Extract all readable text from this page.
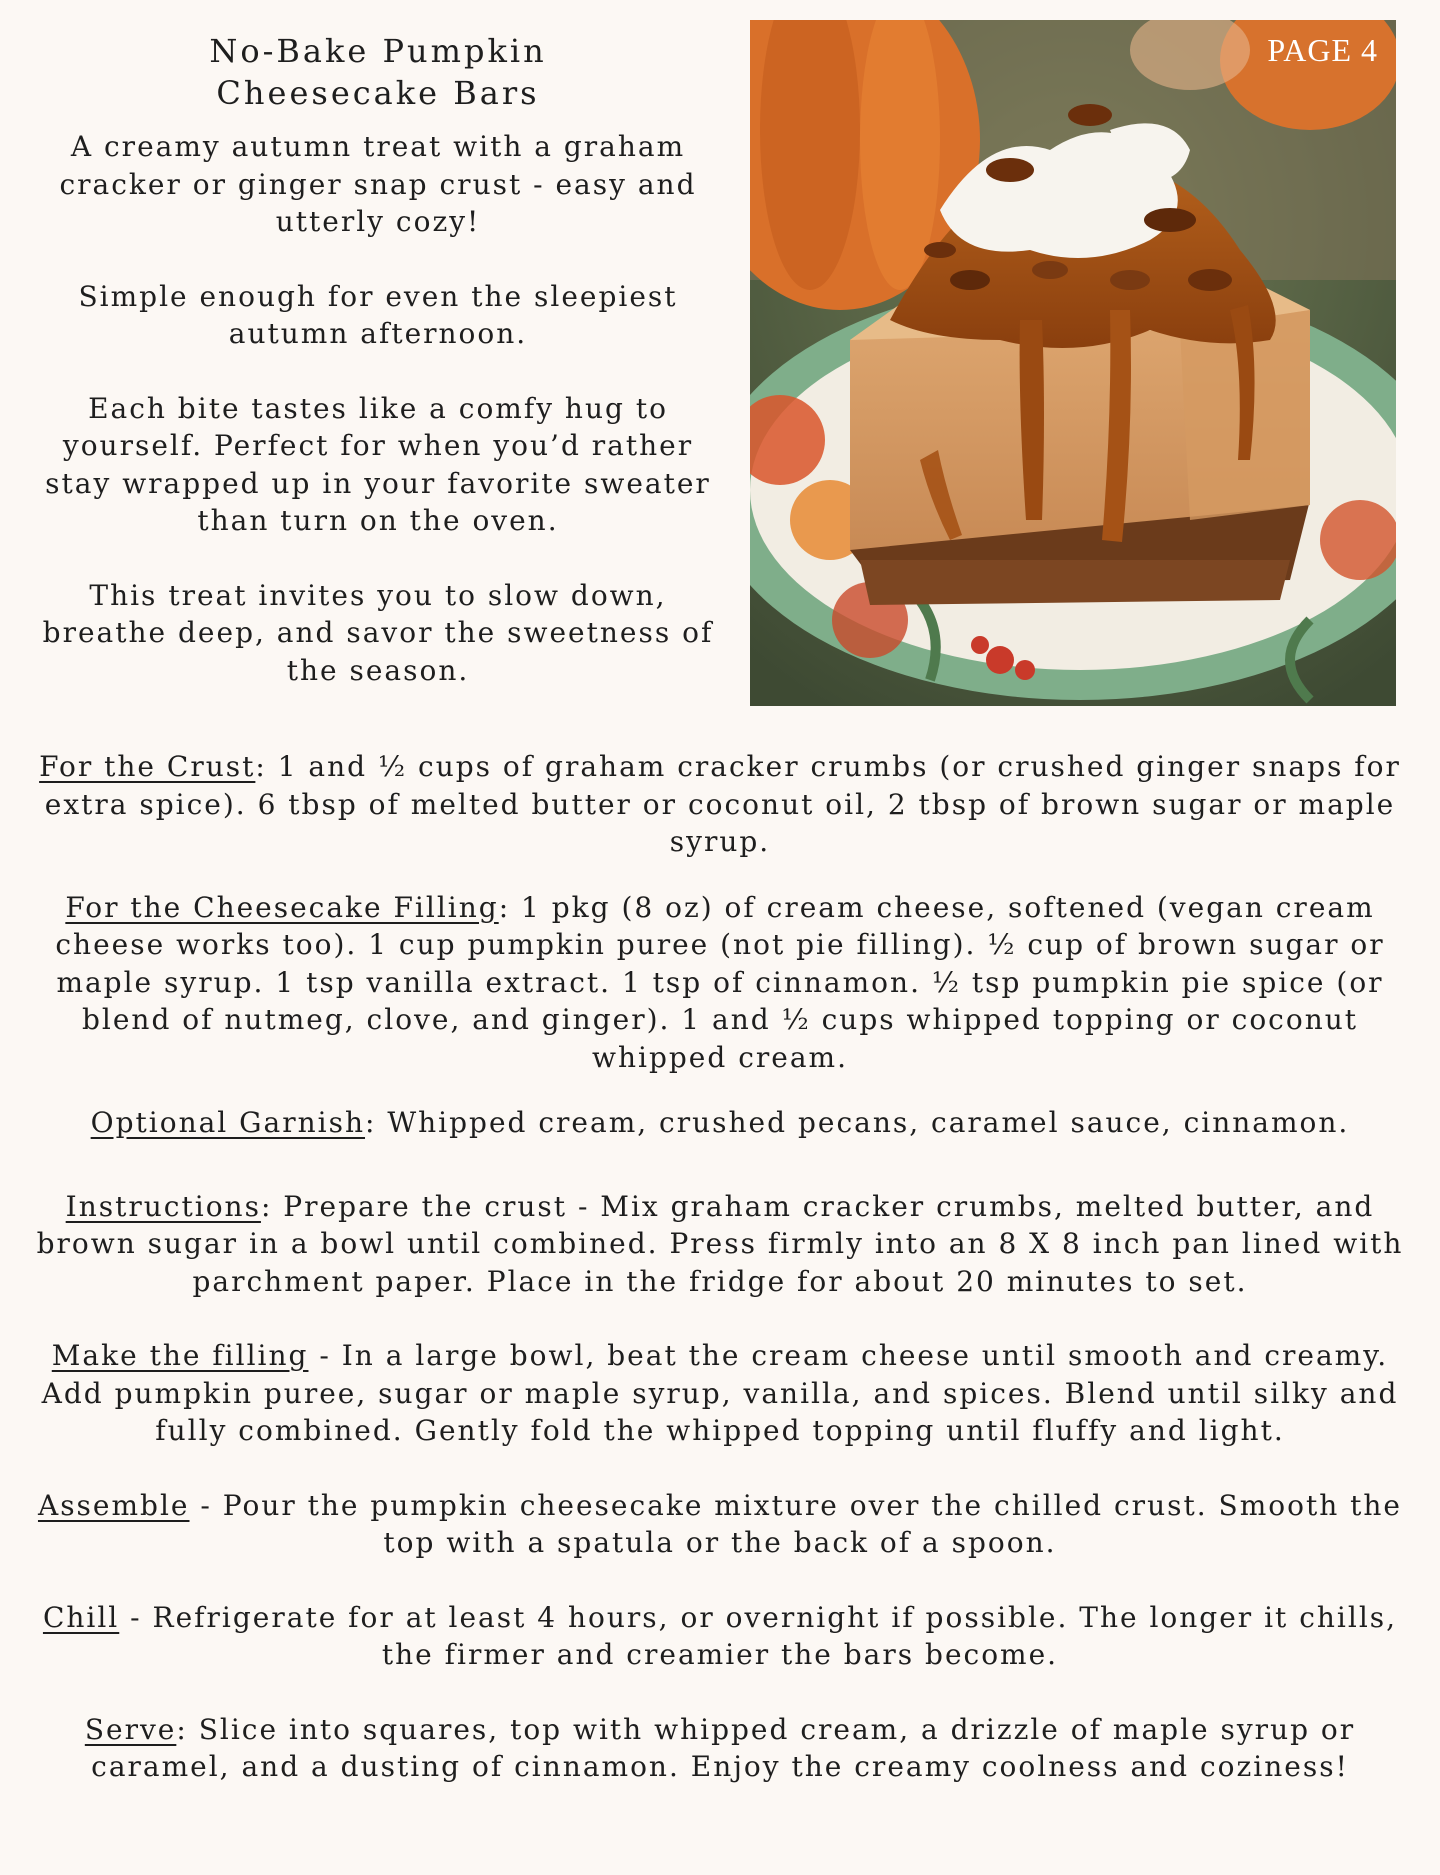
No-Bake Pumpkin
Cheesecake Bars

A creamy autumn treat with a graham cracker or ginger snap crust - easy and utterly cozy!

Simple enough for even the sleepiest autumn afternoon.

Each bite tastes like a comfy hug to yourself. Perfect for when you’d rather stay wrapped up in your favorite sweater than turn on the oven.

This treat invites you to slow down, breathe deep, and savor the sweetness of the season.

PAGE 4

For the Crust: 1 and ½ cups of graham cracker crumbs (or crushed ginger snaps for extra spice). 6 tbsp of melted butter or coconut oil, 2 tbsp of brown sugar or maple syrup.

For the Cheesecake Filling: 1 pkg (8 oz) of cream cheese, softened (vegan cream cheese works too). 1 cup pumpkin puree (not pie filling). ½ cup of brown sugar or maple syrup. 1 tsp vanilla extract. 1 tsp of cinnamon. ½ tsp pumpkin pie spice (or blend of nutmeg, clove, and ginger). 1 and ½ cups whipped topping or coconut whipped cream.

Optional Garnish: Whipped cream, crushed pecans, caramel sauce, cinnamon.

Instructions: Prepare the crust - Mix graham cracker crumbs, melted butter, and brown sugar in a bowl until combined. Press firmly into an 8 X 8 inch pan lined with parchment paper. Place in the fridge for about 20 minutes to set.

Make the filling - In a large bowl, beat the cream cheese until smooth and creamy. Add pumpkin puree, sugar or maple syrup, vanilla, and spices. Blend until silky and fully combined. Gently fold the whipped topping until fluffy and light.

Assemble - Pour the pumpkin cheesecake mixture over the chilled crust. Smooth the top with a spatula or the back of a spoon.

Chill - Refrigerate for at least 4 hours, or overnight if possible. The longer it chills, the firmer and creamier the bars become.

Serve: Slice into squares, top with whipped cream, a drizzle of maple syrup or caramel, and a dusting of cinnamon. Enjoy the creamy coolness and coziness!
